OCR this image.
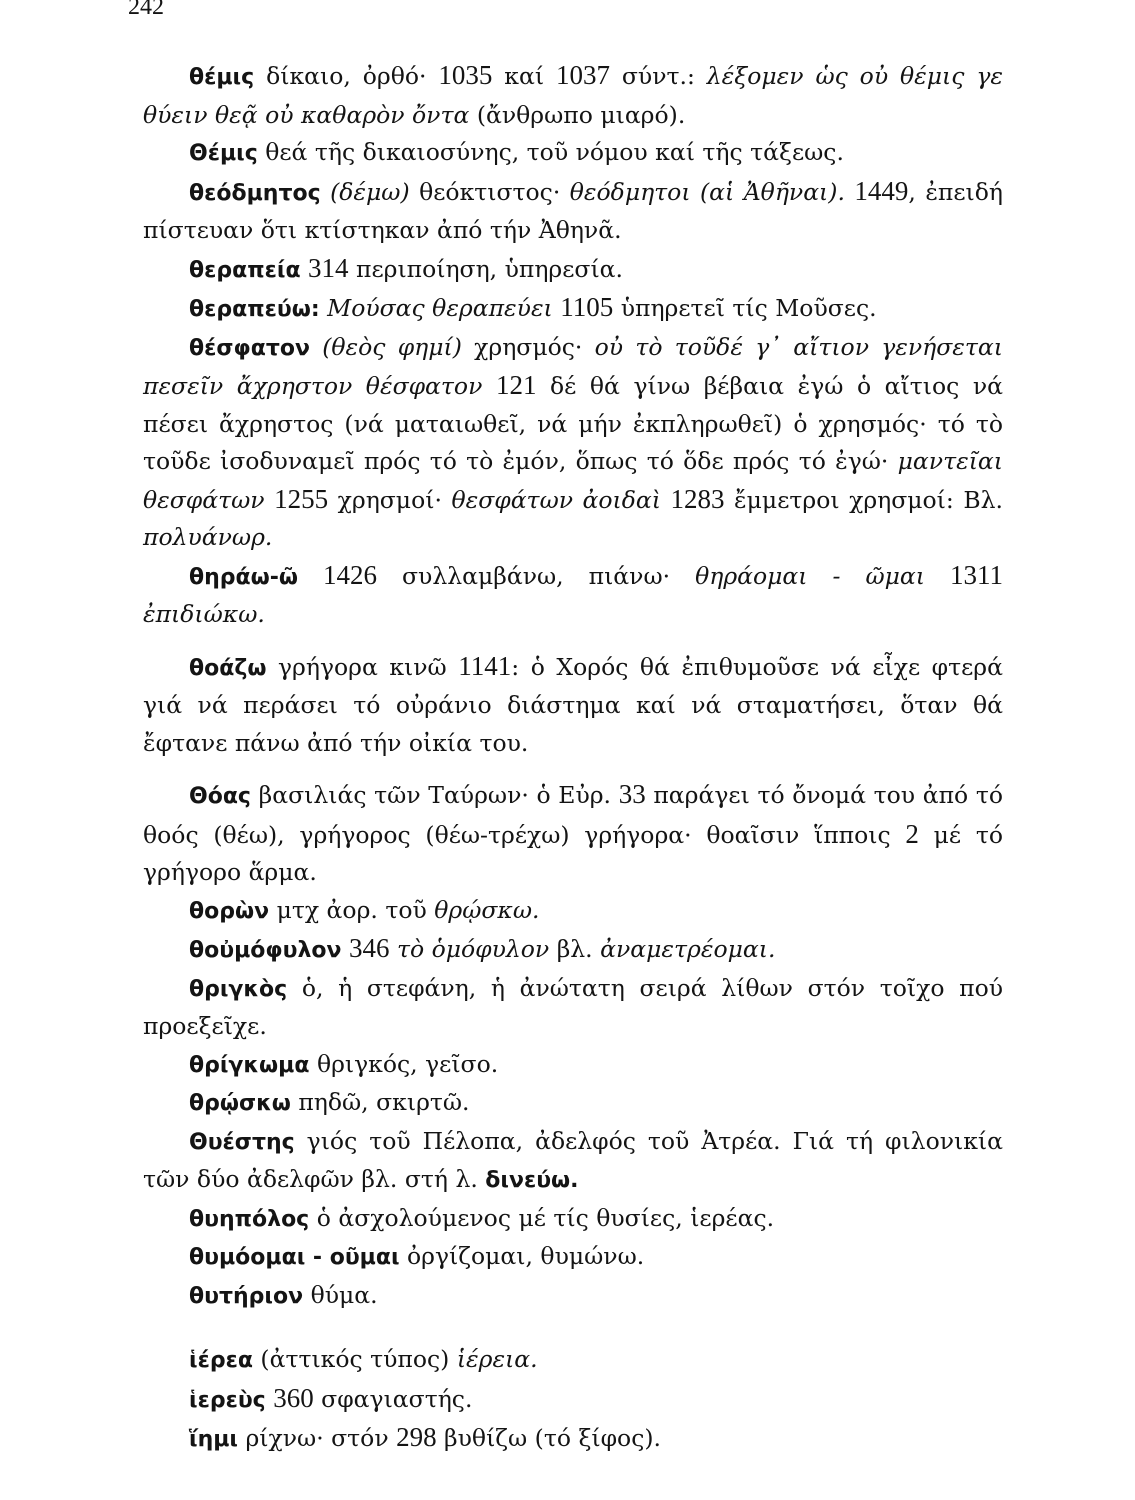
242

θέμις δίκαιο, ὀρθό· 1035 καί 1037 σύντ.: λέξομεν ὡς οὐ θέμις γε θύειν θεᾷ οὐ καθαρὸν ὄντα (ἄνθρωπο μιαρό).

Θέμις θεά τῆς δικαιοσύνης, τοῦ νόμου καί τῆς τάξεως.

θεόδμητος (δέμω) θεόκτιστος· θεόδμητοι (αἱ Ἀθῆναι). 1449, ἐπειδή πίστευαν ὅτι κτίστηκαν ἀπό τήν Ἀθηνᾶ.

θεραπεία 314 περιποίηση, ὑπηρεσία.

θεραπεύω: Μούσας θεραπεύει 1105 ὑπηρετεῖ τίς Μοῦσες.

θέσφατον (θεὸς φημί) χρησμός· οὐ τὸ τοῦδέ γ᾽ αἴτιον γενήσεται πεσεῖν ἄχρηστον θέσφατον 121 δέ θά γίνω βέβαια ἐγώ ὁ αἴτιος νά πέσει ἄχρηστος (νά ματαιωθεῖ, νά μήν ἐκπληρωθεῖ) ὁ χρησμός· τό τὸ τοῦδε ἰσοδυναμεῖ πρός τό τὸ ἐμόν, ὅπως τό ὅδε πρός τό ἐγώ· μαντεῖαι θεσφάτων 1255 χρησμοί· θεσφάτων ἀοιδαὶ 1283 ἔμμετροι χρησμοί: Βλ. πολυάνωρ.

θηράω-ῶ 1426 συλλαμβάνω, πιάνω· θηράομαι - ῶμαι 1311 ἐπιδιώκω.

θοάζω γρήγορα κινῶ 1141: ὁ Χορός θά ἐπιθυμοῦσε νά εἶχε φτερά γιά νά περάσει τό οὐράνιο διάστημα καί νά σταματήσει, ὅταν θά ἔφτανε πάνω ἀπό τήν οἰκία του.

Θόας βασιλιάς τῶν Ταύρων· ὁ Εὐρ. 33 παράγει τό ὄνομά του ἀπό τό θοός (θέω), γρήγορος (θέω-τρέχω) γρήγορα· θοαῖσιν ἵπποις 2 μέ τό γρήγορο ἅρμα.

θορὼν μτχ ἀορ. τοῦ θρῴσκω.

θοὐμόφυλον 346 τὸ ὁμόφυλον βλ. ἀναμετρέομαι.

θριγκὸς ὁ, ἡ στεφάνη, ἡ ἀνώτατη σειρά λίθων στόν τοῖχο πού προεξεῖχε.

θρίγκωμα θριγκός, γεῖσο.

θρῴσκω πηδῶ, σκιρτῶ.

Θυέστης γιός τοῦ Πέλοπα, ἀδελφός τοῦ Ἀτρέα. Γιά τή φιλονικία τῶν δύο ἀδελφῶν βλ. στή λ. δινεύω.

θυηπόλος ὁ ἀσχολούμενος μέ τίς θυσίες, ἱερέας.

θυμόομαι - οῦμαι ὀργίζομαι, θυμώνω.

θυτήριον θύμα.

ἱέρεα (ἀττικός τύπος) ἱέρεια.

ἱερεὺς 360 σφαγιαστής.

ἵημι ρίχνω· στόν 298 βυθίζω (τό ξίφος).
